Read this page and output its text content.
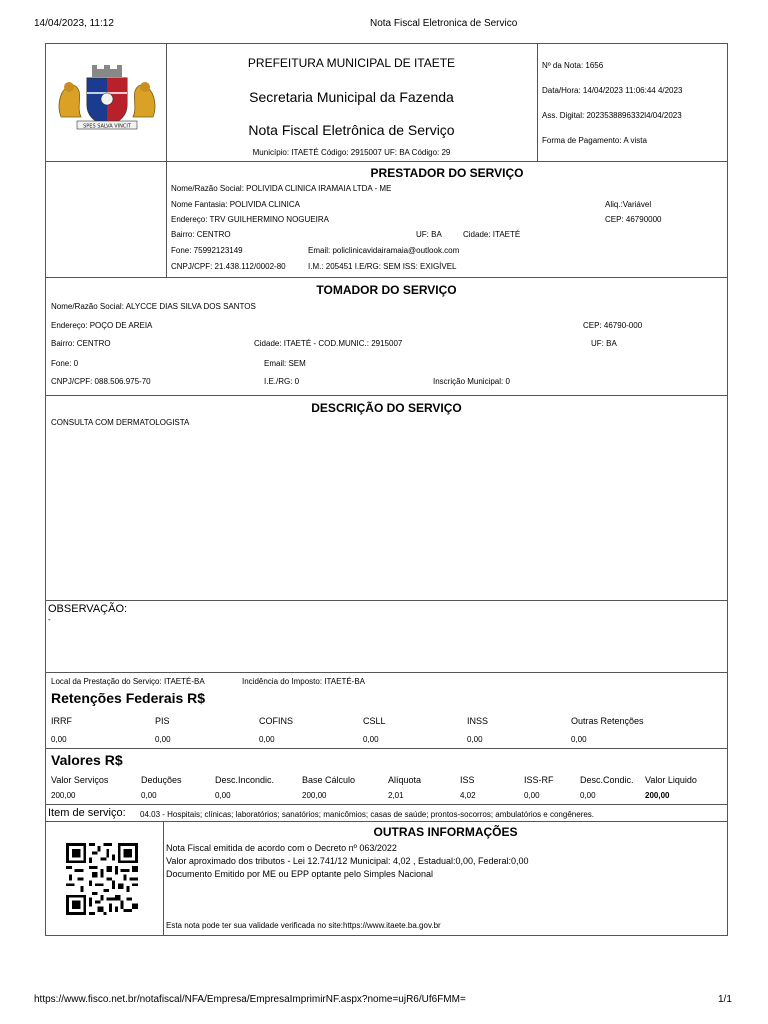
14/04/2023, 11:12	Nota Fiscal Eletronica de Servico
SPES SALVA VINCIT
PREFEITURA MUNICIPAL DE ITAETE
Secretaria Municipal da Fazenda
Nota Fiscal Eletrônica de Serviço
Município: ITAETÉ Código: 2915007 UF: BA Código: 29
Nº da Nota: 1656
Data/Hora: 14/04/2023 11:06:44 4/2023
Ass. Digital: 2023538896332l4/04/2023
Forma de Pagamento: A vista
PRESTADOR DO SERVIÇO
Nome/Razão Social: POLIVIDA CLINICA IRAMAIA LTDA - ME
Nome Fantasia: POLIVIDA CLINICA	Aliq.:Variável
Endereço: TRV GUILHERMINO NOGUEIRA	CEP: 46790000
Bairro: CENTRO	UF: BA	Cidade: ITAETÉ
Fone: 75992123149	Email: policlinicavidairamaia@outlook.com
CNPJ/CPF: 21.438.112/0002-80	I.M.: 205451 I.E/RG: SEM ISS: EXIGÍVEL
TOMADOR DO SERVIÇO
Nome/Razão Social: ALYCCE DIAS SILVA DOS SANTOS
Endereço: POÇO DE AREIA	CEP: 46790-000
Bairro: CENTRO	Cidade: ITAETÉ - COD.MUNIC.: 2915007	UF: BA
Fone: 0	Email: SEM
CNPJ/CPF: 088.506.975-70	I.E./RG: 0	Inscrição Municipal: 0
DESCRIÇÃO DO SERVIÇO
CONSULTA COM DERMATOLOGISTA
OBSERVAÇÃO:
-
Local da Prestação do Serviço: ITAETÉ-BA	Incidência do Imposto: ITAETÉ-BA
Retenções Federais R$
IRRF	PIS	COFINS	CSLL	INSS	Outras Retenções
0,00	0,00	0,00	0,00	0,00	0,00
Valores R$
Valor Serviços	Deduções	Desc.Incondic.	Base Cálculo	Alíquota	ISS	ISS-RF	Desc.Condic. Valor Liquido
200,00	0,00	0,00	200,00	2,01	4,02	0,00	0,00	200,00
Item de serviço: 04.03 - Hospitais; clínicas; laboratórios; sanatórios; manicômios; casas de saúde; prontos-socorros; ambulatórios e congêneres.
OUTRAS INFORMAÇÕES
Nota Fiscal emitida de acordo com o Decreto nº 063/2022
Valor aproximado dos tributos - Lei 12.741/12 Municipal: 4,02 , Estadual:0,00, Federal:0,00
Documento Emitido por ME ou EPP optante pelo Simples Nacional
Esta nota pode ter sua validade verificada no site:https://www.itaete.ba.gov.br
https://www.fisco.net.br/notafiscal/NFA/Empresa/EmpresaImprimirNF.aspx?nome=ujR6/Uf6FMM=	1/1
